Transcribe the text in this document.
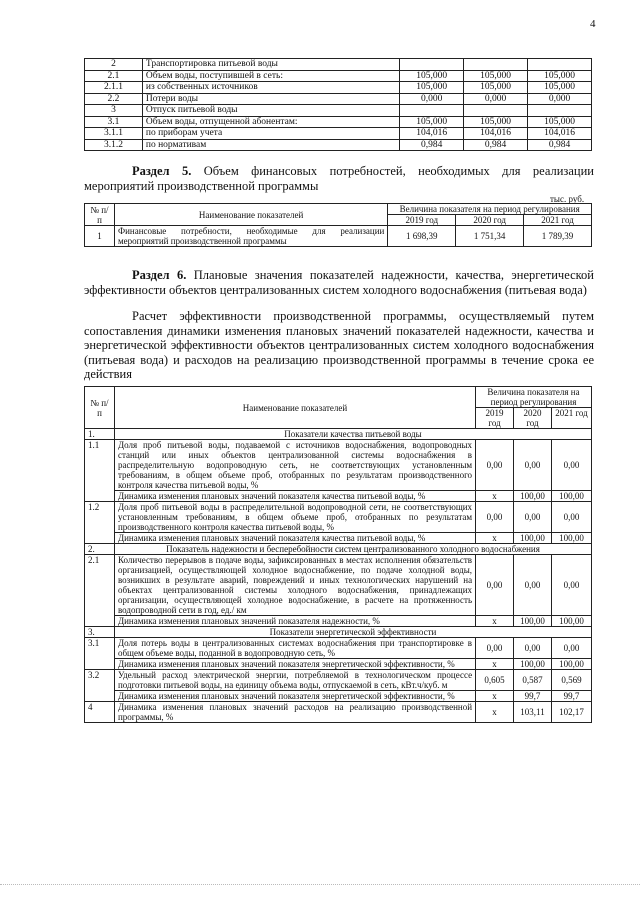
4
2	Транспортировка питьевой воды			
2.1	Объем воды, поступившей в сеть:	105,000	105,000	105,000
2.1.1	из собственных источников	105,000	105,000	105,000
2.2	Потери воды	0,000	0,000	0,000
3	Отпуск питьевой воды			
3.1	Объем воды, отпущенной абонентам:	105,000	105,000	105,000
3.1.1	по приборам учета	104,016	104,016	104,016
3.1.2	по нормативам	0,984	0,984	0,984
Раздел 5. Объем финансовых потребностей, необходимых для реализации мероприятий производственной программы
тыс. руб.
№ п/п	Наименование показателей	Величина показателя на период регулирования		
		2019 год	2020 год	2021 год
1	Финансовые потребности, необходимые для реализации мероприятий производственной программы	1 698,39	1 751,34	1 789,39
Раздел 6. Плановые значения показателей надежности, качества, энергетической эффективности объектов централизованных систем холодного водоснабжения (питьевая вода)
Расчет эффективности производственной программы, осуществляемый путем сопоставления динамики изменения плановых значений показателей надежности, качества и энергетической эффективности объектов централизованных систем холодного водоснабжения (питьевая вода) и расходов на реализацию производственной программы в течение срока ее действия
№ п/п	Наименование показателей	Величина показателя на период регулирования		
		2019 год	2020 год	2021 год
1.	Показатели качества питьевой воды			
1.1	Доля проб питьевой воды, подаваемой с источников водоснабжения, водопроводных станций или иных объектов централизованной системы водоснабжения в распределительную водопроводную сеть, не соответствующих установленным требованиям, в общем объеме проб, отобранных по результатам производственного контроля качества питьевой воды, %	0,00	0,00	0,00
	Динамика изменения плановых значений показателя качества питьевой воды, %	x	100,00	100,00
1.2	Доля проб питьевой воды в распределительной водопроводной сети, не соответствующих установленным требованиям, в общем объеме проб, отобранных по результатам производственного контроля качества питьевой воды, %	0,00	0,00	0,00
	Динамика изменения плановых значений показателя качества питьевой воды, %	x	100,00	100,00
2.	Показатель надежности и бесперебойности систем централизованного холодного водоснабжения			
2.1	Количество перерывов в подаче воды, зафиксированных в местах исполнения обязательств организацией, осуществляющей холодное водоснабжение, по подаче холодной воды, возникших в результате аварий, повреждений и иных технологических нарушений на объектах централизованной системы холодного водоснабжения, принадлежащих организации, осуществляющей холодное водоснабжение, в расчете на протяженность водопроводной сети в год, ед./ км	0,00	0,00	0,00
	Динамика изменения плановых значений показателя надежности, %	x	100,00	100,00
3.	Показатели энергетической эффективности			
3.1	Доля потерь воды в централизованных системах водоснабжения при транспортировке в общем объеме воды, поданной в водопроводную сеть, %	0,00	0,00	0,00
	Динамика изменения плановых значений показателя энергетической эффективности, %	x	100,00	100,00
3.2	Удельный расход электрической энергии, потребляемой в технологическом процессе подготовки питьевой воды, на единицу объема воды, отпускаемой в сеть, кВт.ч/куб. м	0,605	0,587	0,569
	Динамика изменения плановых значений показателя энергетической эффективности, %	x	99,7	99,7
4	Динамика изменения плановых значений расходов на реализацию производственной программы, %	x	103,11	102,17
